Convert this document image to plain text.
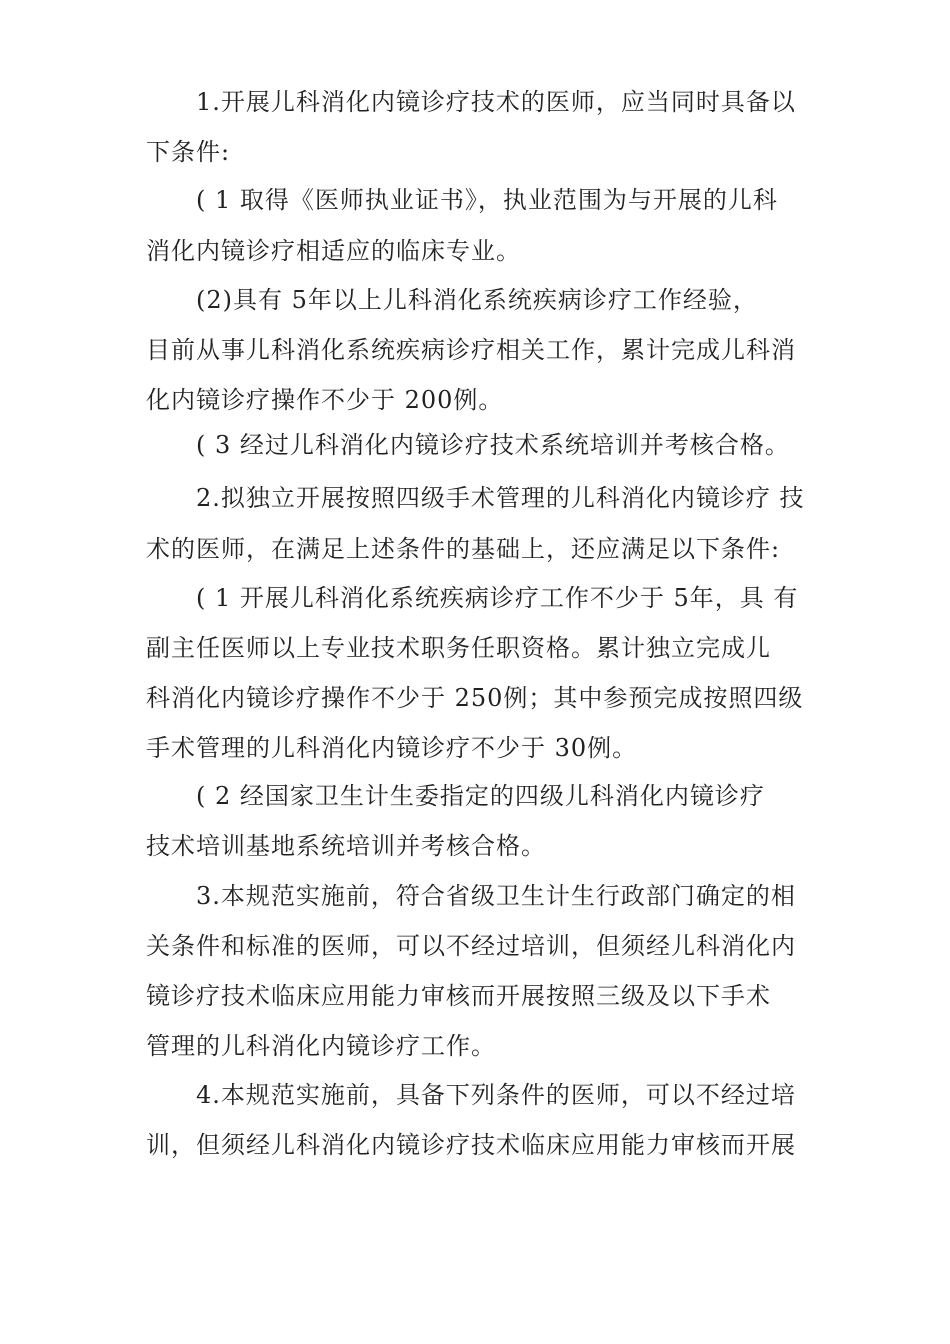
1.开展儿科消化内镜诊疗技术的医师，应当同时具备以
下条件:
( 1 取得《医师执业证书》，执业范围为与开展的儿科
消化内镜诊疗相适应的临床专业。
(2)具有 5年以上儿科消化系统疾病诊疗工作经验，
目前从事儿科消化系统疾病诊疗相关工作，累计完成儿科消
化内镜诊疗操作不少于 200例。
( 3 经过儿科消化内镜诊疗技术系统培训并考核合格。
2.拟独立开展按照四级手术管理的儿科消化内镜诊疗 技
术的医师，在满足上述条件的基础上，还应满足以下条件:
( 1 开展儿科消化系统疾病诊疗工作不少于 5年，具 有
副主任医师以上专业技术职务任职资格。累计独立完成儿
科消化内镜诊疗操作不少于 250例；其中参预完成按照四级
手术管理的儿科消化内镜诊疗不少于 30例。
( 2 经国家卫生计生委指定的四级儿科消化内镜诊疗
技术培训基地系统培训并考核合格。
3.本规范实施前，符合省级卫生计生行政部门确定的相
关条件和标准的医师，可以不经过培训，但须经儿科消化内
镜诊疗技术临床应用能力审核而开展按照三级及以下手术
管理的儿科消化内镜诊疗工作。
4.本规范实施前，具备下列条件的医师，可以不经过培
训，但须经儿科消化内镜诊疗技术临床应用能力审核而开展
